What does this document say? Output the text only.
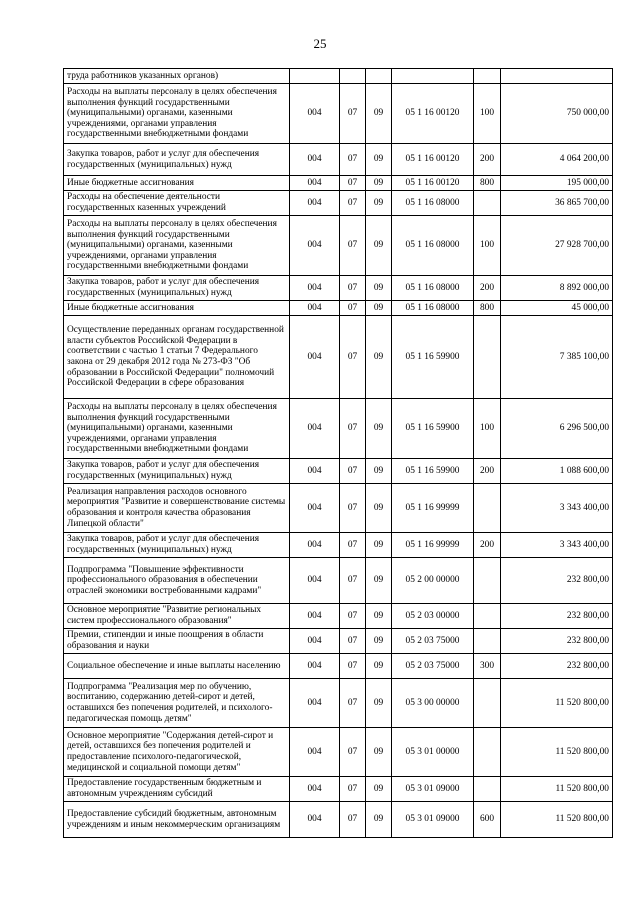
25
труда работников указанных органов)						
Расходы на выплаты персоналу в целях обеспечения выполнения функций государственными (муниципальными) органами, казенными учреждениями, органами управления государственными внебюджетными фондами	004	07	09	05 1 16 00120	100	750 000,00
Закупка товаров, работ и услуг для обеспечения государственных (муниципальных) нужд	004	07	09	05 1 16 00120	200	4 064 200,00
Иные бюджетные ассигнования	004	07	09	05 1 16 00120	800	195 000,00
Расходы на обеспечение деятельности государственных казенных учреждений	004	07	09	05 1 16 08000		36 865 700,00
Расходы на выплаты персоналу в целях обеспечения выполнения функций государственными (муниципальными) органами, казенными учреждениями, органами управления государственными внебюджетными фондами	004	07	09	05 1 16 08000	100	27 928 700,00
Закупка товаров, работ и услуг для обеспечения государственных (муниципальных) нужд	004	07	09	05 1 16 08000	200	8 892 000,00
Иные бюджетные ассигнования	004	07	09	05 1 16 08000	800	45 000,00
Осуществление переданных органам государственной власти субъектов Российской Федерации в соответствии с частью 1 статьи 7 Федерального закона от 29 декабря 2012 года № 273-ФЗ "Об образовании в Российской Федерации" полномочий Российской Федерации в сфере образования	004	07	09	05 1 16 59900		7 385 100,00
Расходы на выплаты персоналу в целях обеспечения выполнения функций государственными (муниципальными) органами, казенными учреждениями, органами управления государственными внебюджетными фондами	004	07	09	05 1 16 59900	100	6 296 500,00
Закупка товаров, работ и услуг для обеспечения государственных (муниципальных) нужд	004	07	09	05 1 16 59900	200	1 088 600,00
Реализация направления расходов основного мероприятия "Развитие и совершенствование системы образования и контроля качества образования Липецкой области"	004	07	09	05 1 16 99999		3 343 400,00
Закупка товаров, работ и услуг для обеспечения государственных (муниципальных) нужд	004	07	09	05 1 16 99999	200	3 343 400,00
Подпрограмма "Повышение эффективности профессионального образования в обеспечении отраслей экономики востребованными кадрами"	004	07	09	05 2 00 00000		232 800,00
Основное мероприятие "Развитие региональных систем профессионального образования"	004	07	09	05 2 03 00000		232 800,00
Премии, стипендии и иные поощрения в области образования и науки	004	07	09	05 2 03 75000		232 800,00
Социальное обеспечение и иные выплаты населению	004	07	09	05 2 03 75000	300	232 800,00
Подпрограмма "Реализация мер по обучению, воспитанию, содержанию детей-сирот и детей, оставшихся без попечения родителей, и психолого-педагогическая помощь детям"	004	07	09	05 3 00 00000		11 520 800,00
Основное мероприятие "Содержания детей-сирот и детей, оставшихся без попечения родителей и предоставление психолого-педагогической, медицинской и социальной помощи детям"	004	07	09	05 3 01 00000		11 520 800,00
Предоставление государственным бюджетным и автономным учреждениям субсидий	004	07	09	05 3 01 09000		11 520 800,00
Предоставление субсидий бюджетным, автономным учреждениям и иным некоммерческим организациям	004	07	09	05 3 01 09000	600	11 520 800,00
